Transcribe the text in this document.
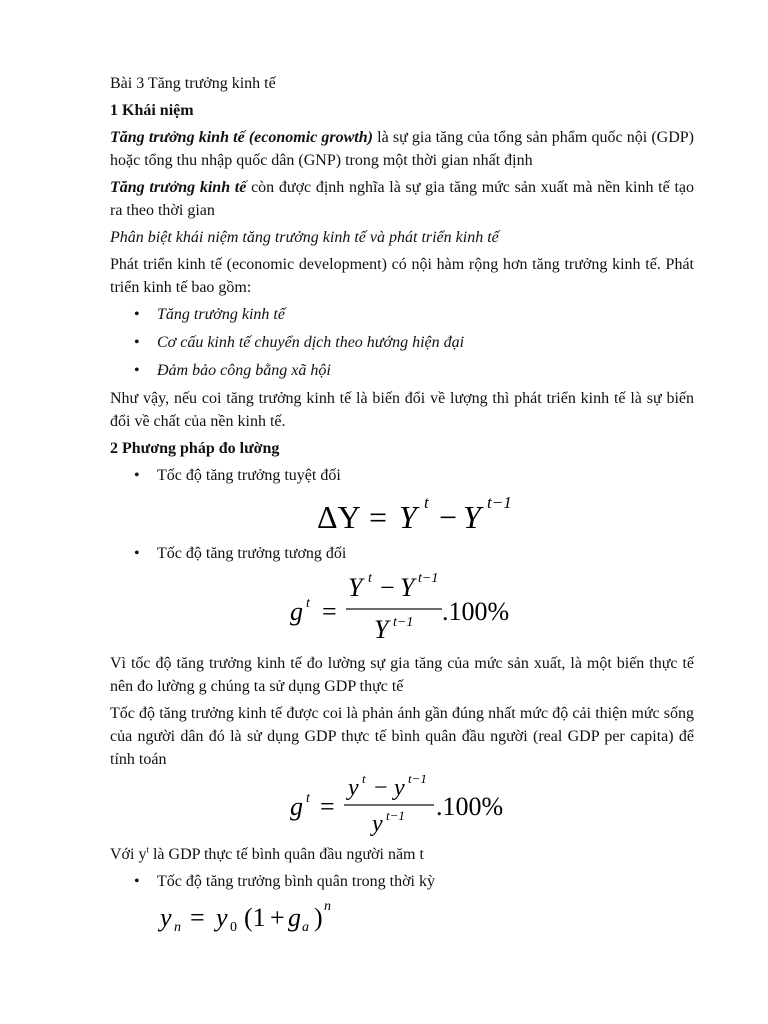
Bài 3 Tăng trưởng kinh tế

1 Khái niệm

Tăng trưởng kinh tế (economic growth) là sự gia tăng của tổng sản phẩm quốc nội (GDP) hoặc tổng thu nhập quốc dân (GNP) trong một thời gian nhất định

Tăng trưởng kinh tế còn được định nghĩa là sự gia tăng mức sản xuất mà nền kinh tế tạo ra theo thời gian

Phân biệt khái niệm tăng trưởng kinh tế và phát triển kinh tế

Phát triển kinh tế (economic development) có nội hàm rộng hơn tăng trưởng kinh tế. Phát triển kinh tế bao gồm:

• Tăng trưởng kinh tế
• Cơ cấu kinh tế chuyển dịch theo hướng hiện đại
• Đảm bảo công bằng xã hội

Như vậy, nếu coi tăng trưởng kinh tế là biến đổi về lượng thì phát triển kinh tế là sự biến đổi về chất của nền kinh tế.

2 Phương pháp đo lường

• Tốc độ tăng trưởng tuyệt đối
ΔY = Y t − Y t−1
• Tốc độ tăng trưởng tương đối
g t =
Y t − Y t−1
Y t−1 .100%

Vì tốc độ tăng trưởng kinh tế đo lường sự gia tăng của mức sản xuất, là một biến thực tế nên đo lường g chúng ta sử dụng GDP thực tế

Tốc độ tăng trưởng kinh tế được coi là phản ánh gần đúng nhất mức độ cải thiện mức sống của người dân đó là sử dụng GDP thực tế bình quân đầu người (real GDP per capita) để tính toán

g t =
y t − y t−1
y t−1 .100%

Với $y^t$ là GDP thực tế bình quân đầu người năm t

• Tốc độ tăng trưởng bình quân trong thời kỳ
y n = y 0 (1 + g a ) n
